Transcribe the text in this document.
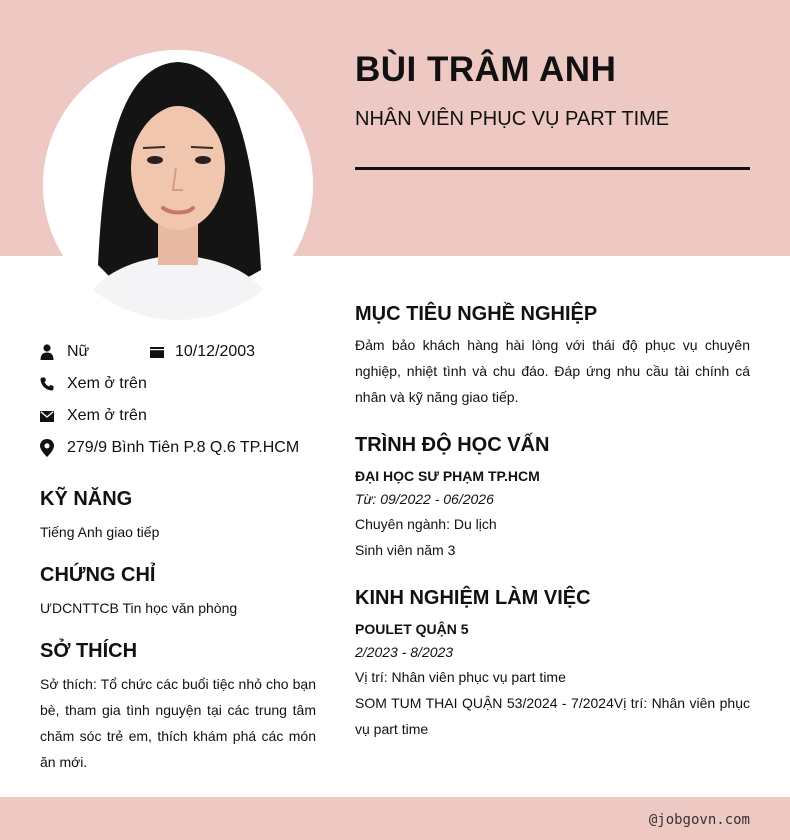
BÙI TRÂM ANH
NHÂN VIÊN PHỤC VỤ PART TIME
Nữ	10/12/2003
Xem ở trên
Xem ở trên
279/9 Bình Tiên P.8 Q.6 TP.HCM
KỸ NĂNG
Tiếng Anh giao tiếp
CHỨNG CHỈ
ƯDCNTTCB Tin học văn phòng
SỞ THÍCH
Sở thích: Tổ chức các buổi tiệc nhỏ cho bạn bè, tham gia tình nguyện tại các trung tâm chăm sóc trẻ em, thích khám phá các món ăn mới.
MỤC TIÊU NGHỀ NGHIỆP
Đảm bảo khách hàng hài lòng với thái độ phục vụ chuyên nghiệp, nhiệt tình và chu đáo. Đáp ứng nhu cầu tài chính cá nhân và kỹ năng giao tiếp.
TRÌNH ĐỘ HỌC VẤN
ĐẠI HỌC SƯ PHẠM TP.HCM
Từ: 09/2022 - 06/2026
Chuyên ngành: Du lịch
Sinh viên năm 3
KINH NGHIỆM LÀM VIỆC
POULET QUẬN 5
2/2023 - 8/2023
Vị trí: Nhân viên phục vụ part time
SOM TUM THAI QUẬN 53/2024 - 7/2024Vị trí: Nhân viên phục vụ part time
@jobgovn.com
